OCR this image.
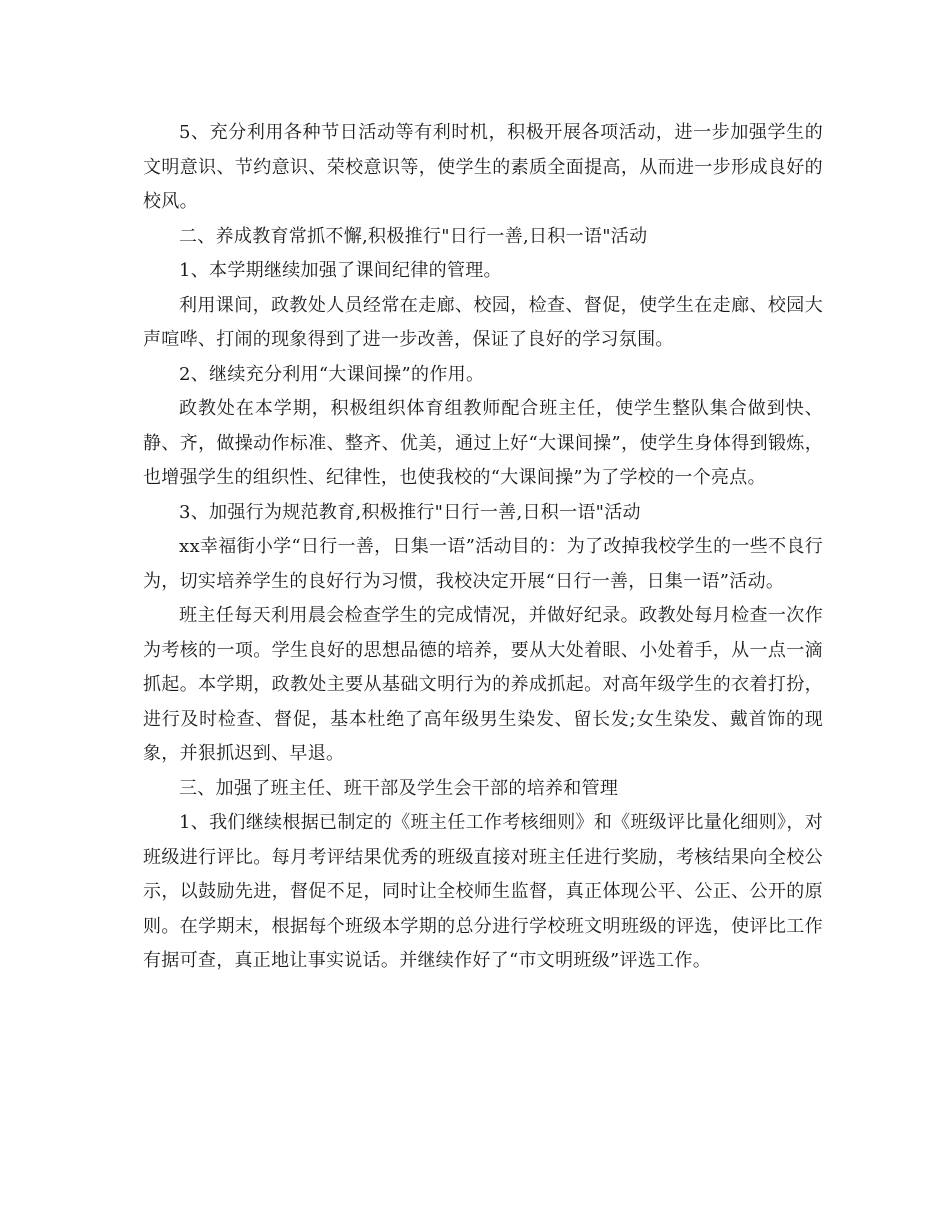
5、充分利用各种节日活动等有利时机，积极开展各项活动，进一步加强学生的文明意识、节约意识、荣校意识等，使学生的素质全面提高，从而进一步形成良好的校风。

二、养成教育常抓不懈,积极推行"日行一善,日积一语"活动

1、本学期继续加强了课间纪律的管理。

利用课间，政教处人员经常在走廊、校园，检查、督促，使学生在走廊、校园大声喧哗、打闹的现象得到了进一步改善，保证了良好的学习氛围。

2、继续充分利用“大课间操”的作用。

政教处在本学期，积极组织体育组教师配合班主任，使学生整队集合做到快、静、齐，做操动作标准、整齐、优美，通过上好“大课间操”，使学生身体得到锻炼，也增强学生的组织性、纪律性，也使我校的“大课间操”为了学校的一个亮点。

3、加强行为规范教育,积极推行"日行一善,日积一语"活动

xx幸福街小学“日行一善，日集一语”活动目的：为了改掉我校学生的一些不良行为，切实培养学生的良好行为习惯，我校决定开展“日行一善，日集一语”活动。

班主任每天利用晨会检查学生的完成情况，并做好纪录。政教处每月检查一次作为考核的一项。学生良好的思想品德的培养，要从大处着眼、小处着手，从一点一滴抓起。本学期，政教处主要从基础文明行为的养成抓起。对高年级学生的衣着打扮，进行及时检查、督促，基本杜绝了高年级男生染发、留长发;女生染发、戴首饰的现象，并狠抓迟到、早退。

三、加强了班主任、班干部及学生会干部的培养和管理

1、我们继续根据已制定的《班主任工作考核细则》和《班级评比量化细则》，对班级进行评比。每月考评结果优秀的班级直接对班主任进行奖励，考核结果向全校公示，以鼓励先进，督促不足，同时让全校师生监督，真正体现公平、公正、公开的原则。在学期末，根据每个班级本学期的总分进行学校班文明班级的评选，使评比工作有据可查，真正地让事实说话。并继续作好了“市文明班级”评选工作。
